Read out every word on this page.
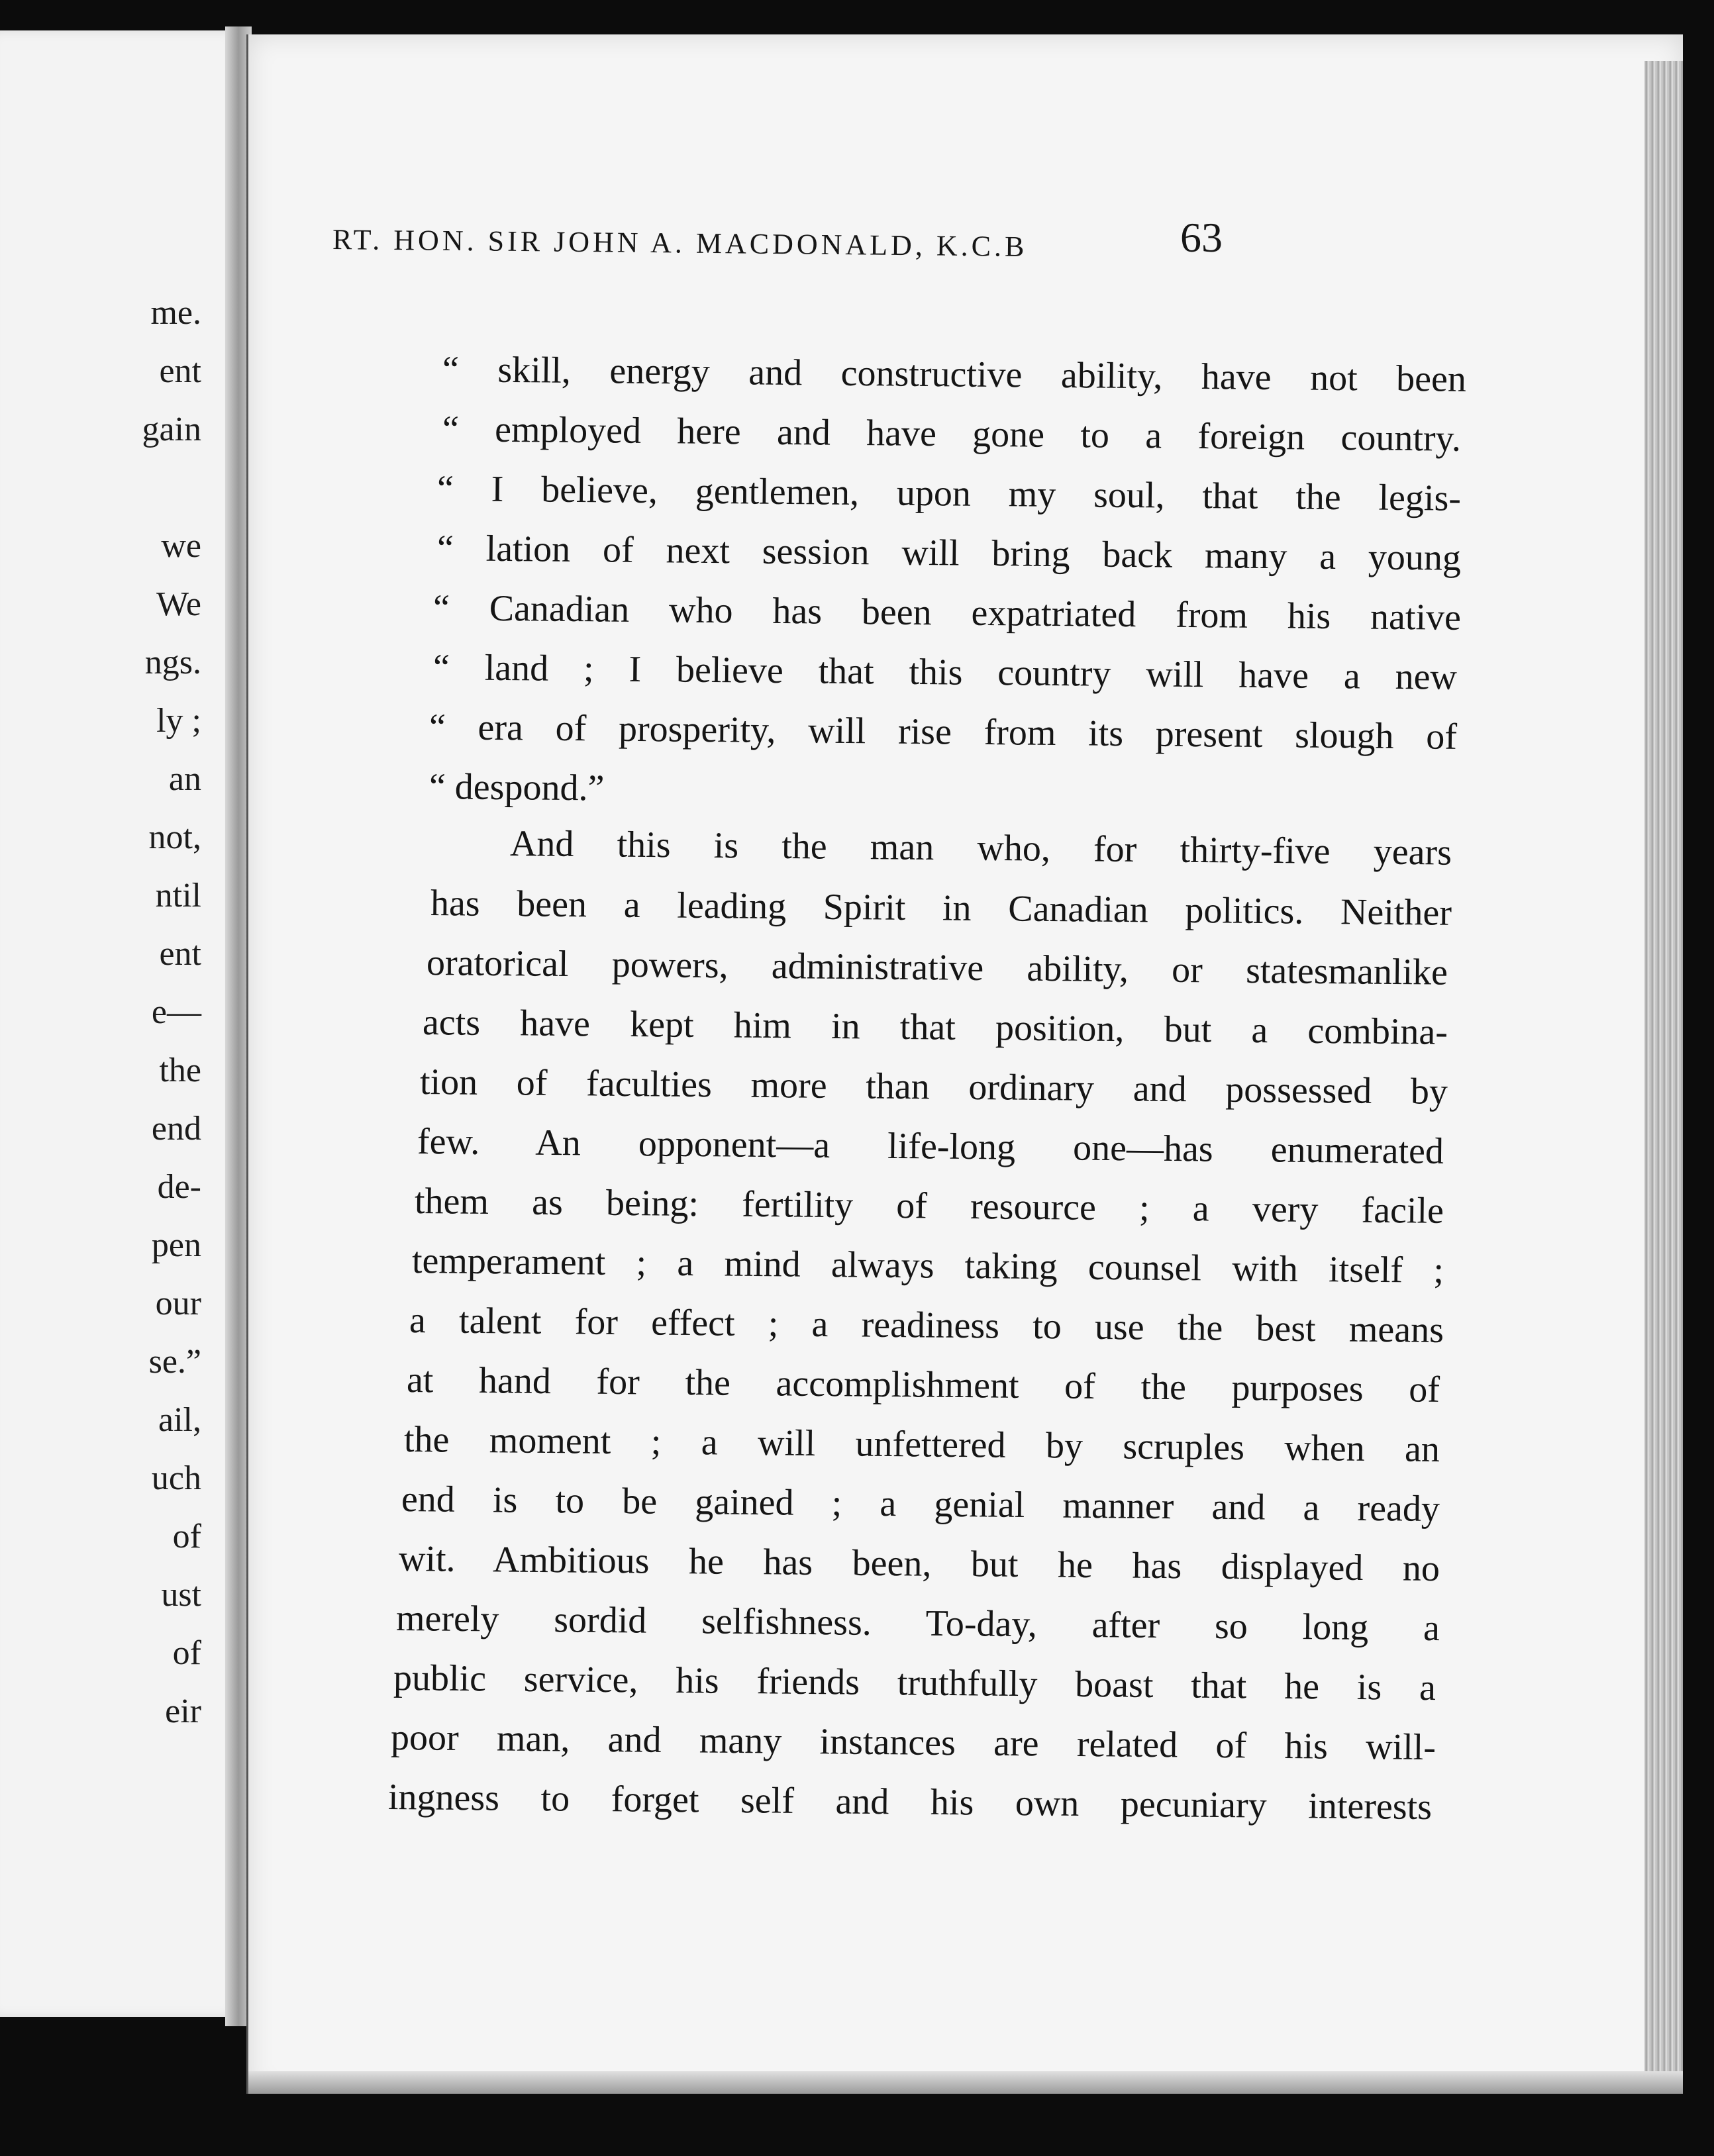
me.
ent
gain
we
We
ngs.
ly ;
an
not,
ntil
ent
e—
the
end
de-
pen
our
se.”
ail,
uch
of
ust
of
eir
RT. HON. SIR JOHN A. MACDONALD, K.C.B	63
“ skill, energy and constructive ability, have not been
“ employed here and have gone to a foreign country.
“ I believe, gentlemen, upon my soul, that the legis-
“ lation of next session will bring back many a young
“ Canadian who has been expatriated from his native
“ land ; I believe that this country will have a new
“ era of prosperity, will rise from its present slough of
“ despond.”
And this is the man who, for thirty-five years
has been a leading Spirit in Canadian politics. Neither
oratorical powers, administrative ability, or statesmanlike
acts have kept him in that position, but a combina-
tion of faculties more than ordinary and possessed by
few. An opponent—a life-long one—has enumerated
them as being: fertility of resource ; a very facile
temperament ; a mind always taking counsel with itself ;
a talent for effect ; a readiness to use the best means
at hand for the accomplishment of the purposes of
the moment ; a will unfettered by scruples when an
end is to be gained ; a genial manner and a ready
wit. Ambitious he has been, but he has displayed no
merely sordid selfishness. To-day, after so long a
public service, his friends truthfully boast that he is a
poor man, and many instances are related of his will-
ingness to forget self and his own pecuniary interests
